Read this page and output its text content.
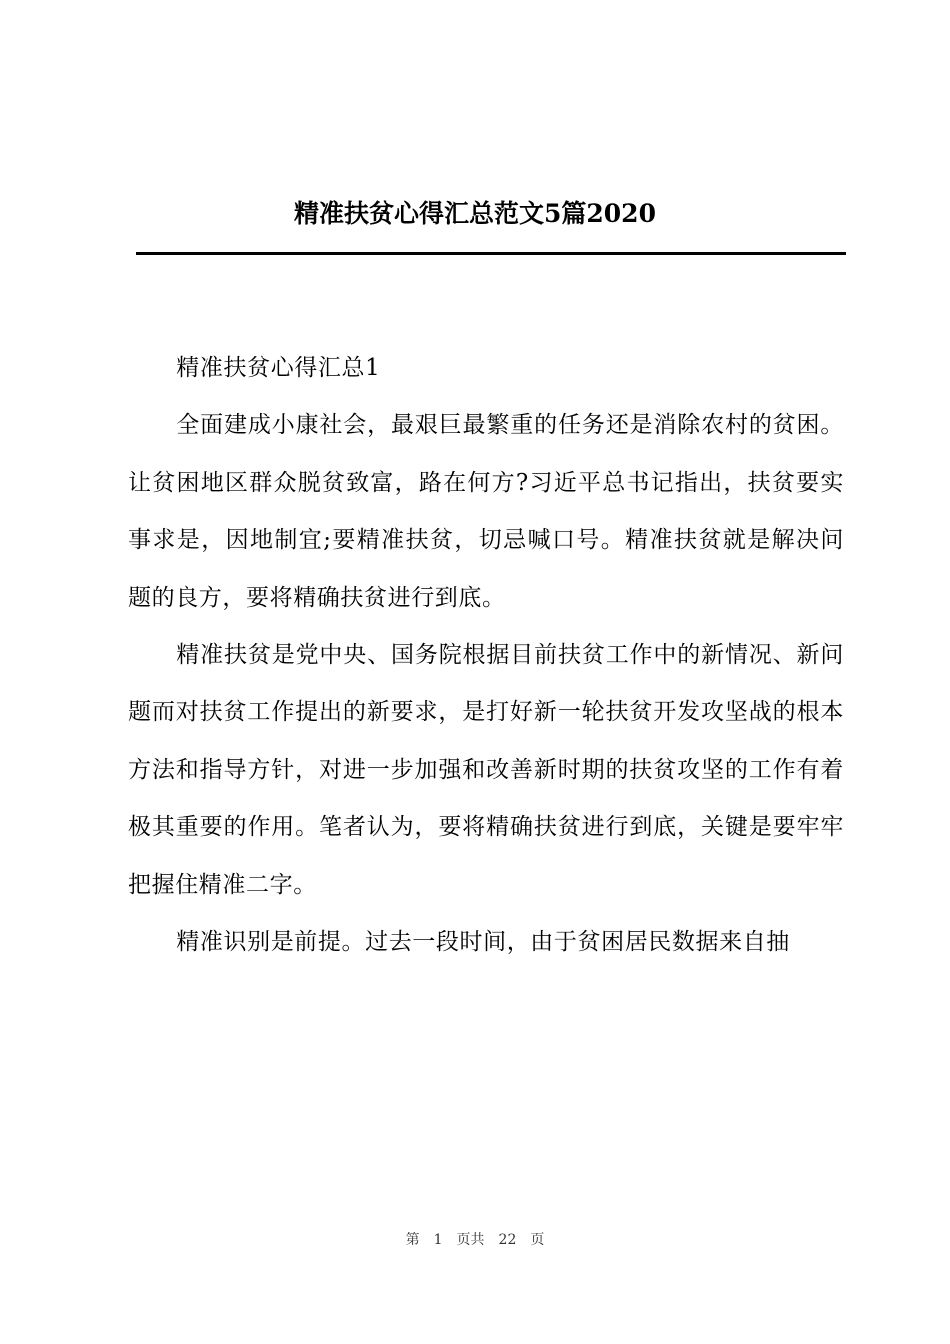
精准扶贫心得汇总范文5篇2020

精准扶贫心得汇总1

全面建成小康社会，最艰巨最繁重的任务还是消除农村的贫困。让贫困地区群众脱贫致富，路在何方?习近平总书记指出，扶贫要实事求是，因地制宜;要精准扶贫，切忌喊口号。精准扶贫就是解决问题的良方，要将精确扶贫进行到底。

精准扶贫是党中央、国务院根据目前扶贫工作中的新情况、新问题而对扶贫工作提出的新要求，是打好新一轮扶贫开发攻坚战的根本方法和指导方针，对进一步加强和改善新时期的扶贫攻坚的工作有着极其重要的作用。笔者认为，要将精确扶贫进行到底，关键是要牢牢把握住精准二字。

精准识别是前提。过去一段时间，由于贫困居民数据来自抽

第 1 页共 22 页
